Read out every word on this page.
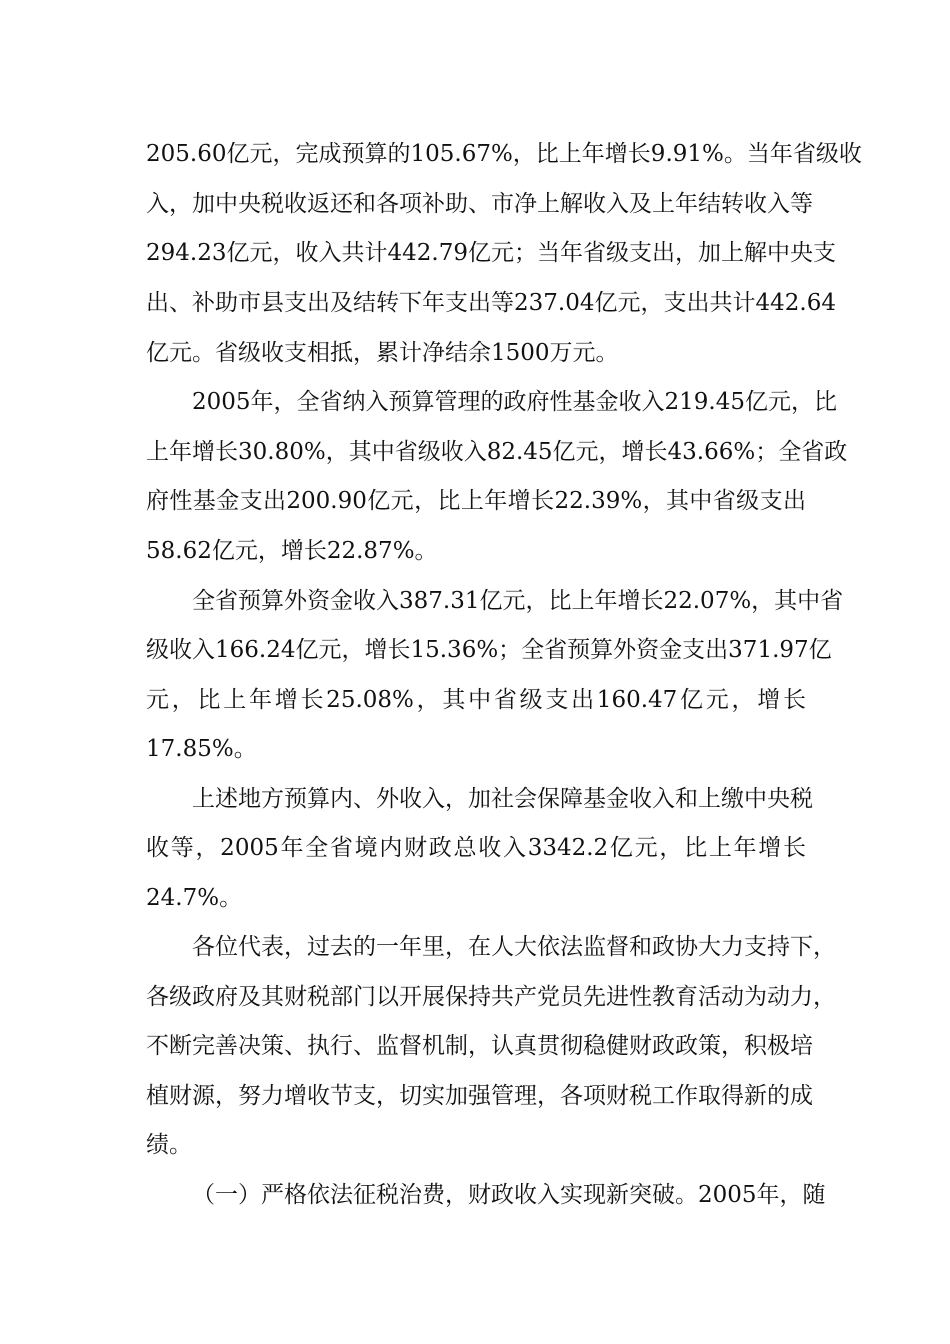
205.60亿元，完成预算的105.67%，比上年增长9.91%。当年省级收
入，加中央税收返还和各项补助、市净上解收入及上年结转收入等
294.23亿元，收入共计442.79亿元；当年省级支出，加上解中央支
出、补助市县支出及结转下年支出等237.04亿元，支出共计442.64
亿元。省级收支相抵，累计净结余1500万元。
2005年，全省纳入预算管理的政府性基金收入219.45亿元，比
上年增长30.80%，其中省级收入82.45亿元，增长43.66%；全省政
府性基金支出200.90亿元，比上年增长22.39%，其中省级支出
58.62亿元，增长22.87%。
全省预算外资金收入387.31亿元，比上年增长22.07%，其中省
级收入166.24亿元，增长15.36%；全省预算外资金支出371.97亿
元，比上年增长25.08%，其中省级支出160.47亿元，增长
17.85%。
上述地方预算内、外收入，加社会保障基金收入和上缴中央税
收等，2005年全省境内财政总收入3342.2亿元，比上年增长
24.7%。
各位代表，过去的一年里，在人大依法监督和政协大力支持下，
各级政府及其财税部门以开展保持共产党员先进性教育活动为动力，
不断完善决策、执行、监督机制，认真贯彻稳健财政政策，积极培
植财源，努力增收节支，切实加强管理，各项财税工作取得新的成
绩。
（一）严格依法征税治费，财政收入实现新突破。2005年，随
